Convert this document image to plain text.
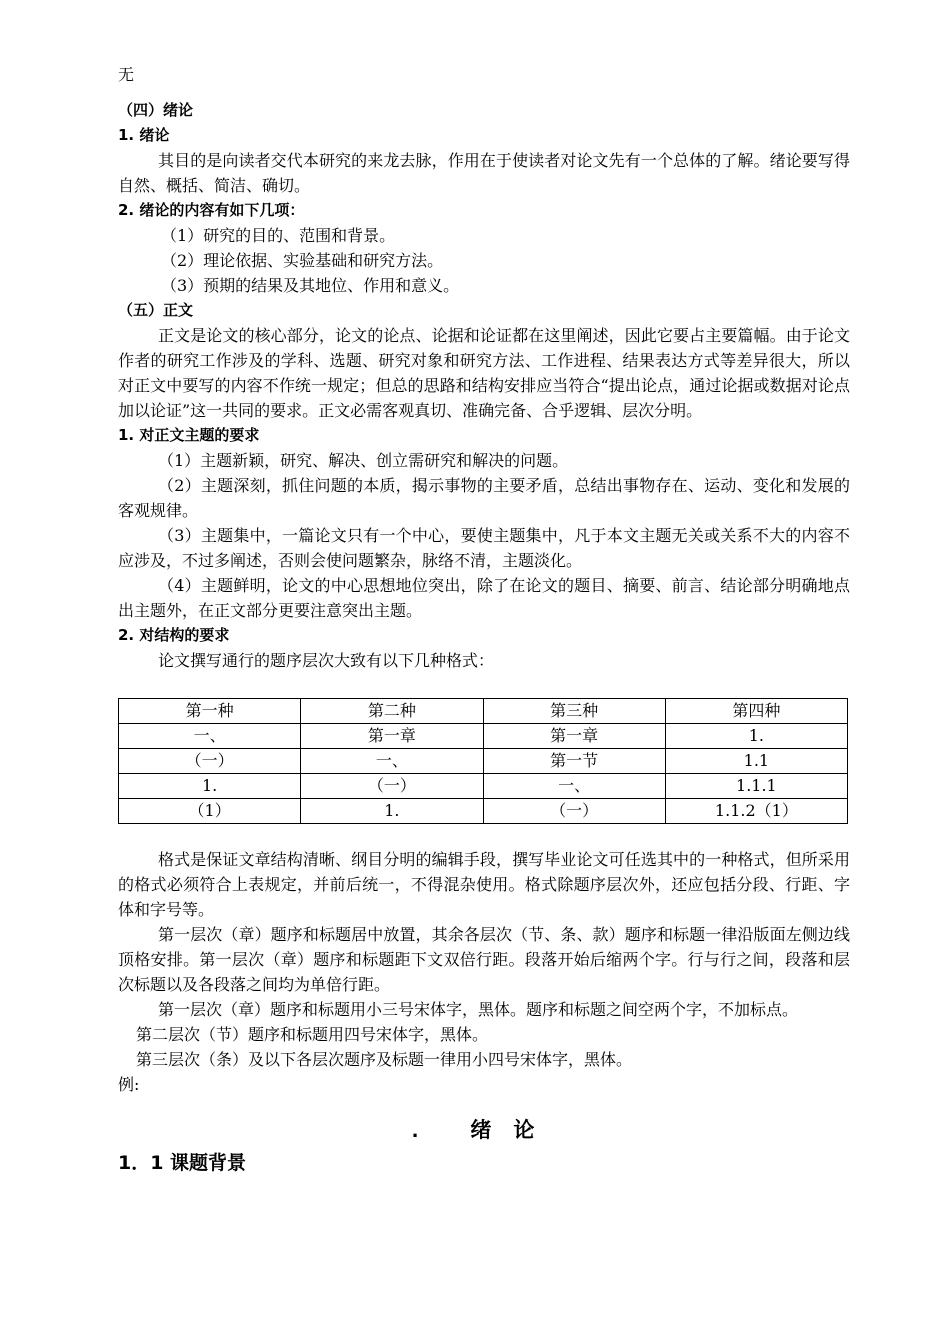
无

（四）绪论

1. 绪论

其目的是向读者交代本研究的来龙去脉，作用在于使读者对论文先有一个总体的了解。绪论要写得自然、概括、简洁、确切。

2. 绪论的内容有如下几项：

（1）研究的目的、范围和背景。

（2）理论依据、实验基础和研究方法。

（3）预期的结果及其地位、作用和意义。

（五）正文

正文是论文的核心部分，论文的论点、论据和论证都在这里阐述，因此它要占主要篇幅。由于论文作者的研究工作涉及的学科、选题、研究对象和研究方法、工作进程、结果表达方式等差异很大，所以对正文中要写的内容不作统一规定；但总的思路和结构安排应当符合“提出论点，通过论据或数据对论点加以论证”这一共同的要求。正文必需客观真切、准确完备、合乎逻辑、层次分明。

1. 对正文主题的要求

（1）主题新颖，研究、解决、创立需研究和解决的问题。

（2）主题深刻，抓住问题的本质，揭示事物的主要矛盾，总结出事物存在、运动、变化和发展的客观规律。

（3）主题集中，一篇论文只有一个中心，要使主题集中，凡于本文主题无关或关系不大的内容不应涉及，不过多阐述，否则会使问题繁杂，脉络不清，主题淡化。

（4）主题鲜明，论文的中心思想地位突出，除了在论文的题目、摘要、前言、结论部分明确地点出主题外，在正文部分更要注意突出主题。

2. 对结构的要求

论文撰写通行的题序层次大致有以下几种格式：

第一种	第二种	第三种	第四种
一、	第一章	第一章	1.
（一）	一、	第一节	1.1
1.	（一）	一、	1.1.1
（1）	1.	（一）	1.1.2（1）

格式是保证文章结构清晰、纲目分明的编辑手段，撰写毕业论文可任选其中的一种格式，但所采用的格式必须符合上表规定，并前后统一，不得混杂使用。格式除题序层次外，还应包括分段、行距、字体和字号等。

第一层次（章）题序和标题居中放置，其余各层次（节、条、款）题序和标题一律沿版面左侧边线顶格安排。第一层次（章）题序和标题距下文双倍行距。段落开始后缩两个字。行与行之间，段落和层次标题以及各段落之间均为单倍行距。

第一层次（章）题序和标题用小三号宋体字，黑体。题序和标题之间空两个字，不加标点。

第二层次（节）题序和标题用四号宋体字，黑体。

第三层次（条）及以下各层次题序及标题一律用小四号宋体字，黑体。

例:

. 绪论
1．1 课题背景
